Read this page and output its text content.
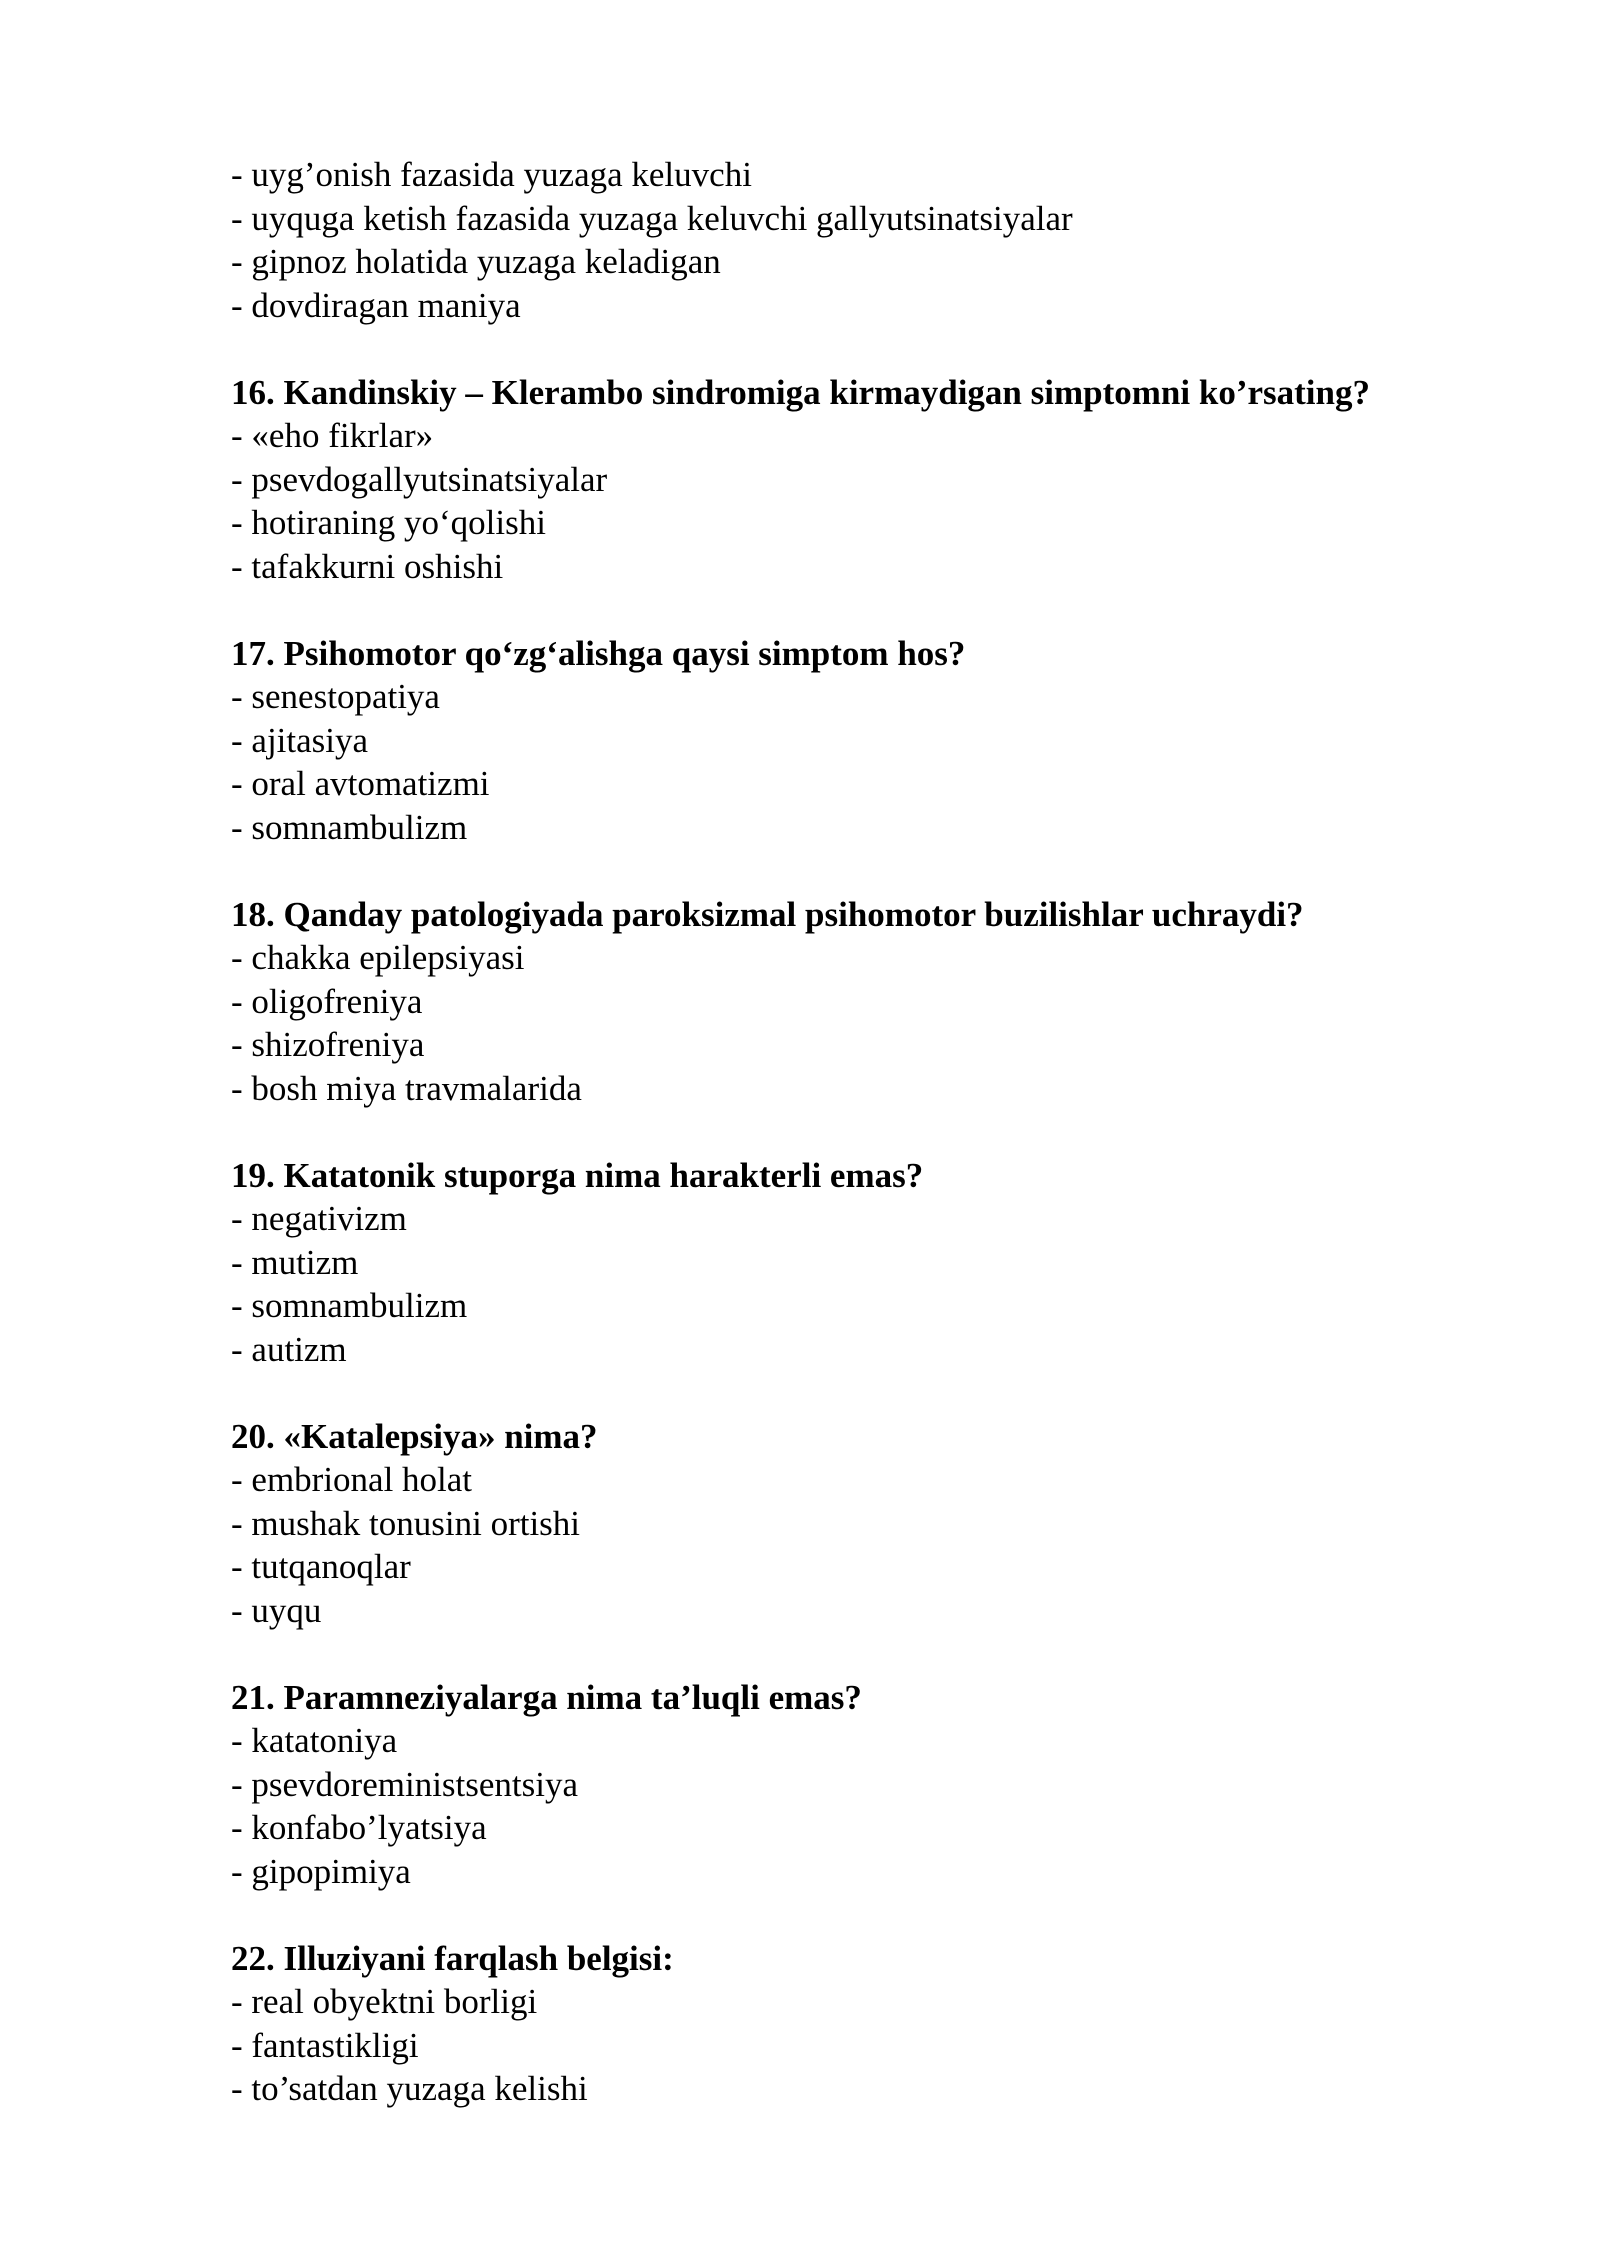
- uyg’onish fazasida yuzaga keluvchi
- uyquga ketish fazasida yuzaga keluvchi gallyutsinatsiyalar
- gipnoz holatida yuzaga keladigan
- dovdiragan maniya
16. Kandinskiy – Klerambo sindromiga kirmaydigan simptomni ko’rsating?
- «eho fikrlar»
- psevdogallyutsinatsiyalar
- hotiraning yo‘qolishi
- tafakkurni oshishi
17. Psihomotor qo‘zg‘alishga qaysi simptom hos?
- senestopatiya
- ajitasiya
- oral avtomatizmi
- somnambulizm
18. Qanday patologiyada paroksizmal psihomotor buzilishlar uchraydi?
- chakka epilepsiyasi
- oligofreniya
- shizofreniya
- bosh miya travmalarida
19. Katatonik stuporga nima harakterli emas?
- negativizm
- mutizm
- somnambulizm
- autizm
20. «Katalepsiya» nima?
- embrional holat
- mushak tonusini ortishi
- tutqanoqlar
- uyqu
21. Paramneziyalarga nima ta’luqli emas?
- katatoniya
- psevdoreministsentsiya
- konfabo’lyatsiya
- gipopimiya
22. Illuziyani farqlash belgisi:
- real obyektni borligi
- fantastikligi
- to’satdan yuzaga kelishi
